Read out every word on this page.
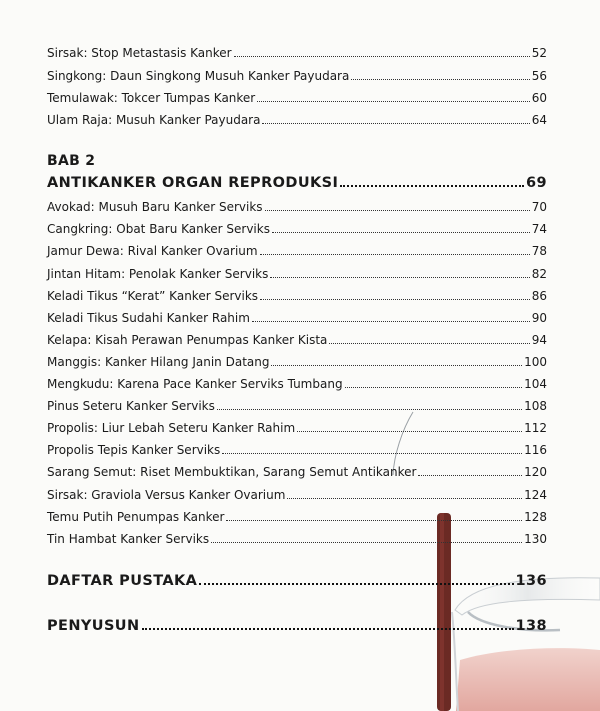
Sirsak: Stop Metastasis Kanker	52
Singkong: Daun Singkong Musuh Kanker Payudara	56
Temulawak: Tokcer Tumpas Kanker	60
Ulam Raja: Musuh Kanker Payudara	64
BAB 2
ANTIKANKER ORGAN REPRODUKSI	69
Avokad: Musuh Baru Kanker Serviks	70
Cangkring: Obat Baru Kanker Serviks	74
Jamur Dewa: Rival Kanker Ovarium	78
Jintan Hitam: Penolak Kanker Serviks	82
Keladi Tikus “Kerat” Kanker Serviks	86
Keladi Tikus Sudahi Kanker Rahim	90
Kelapa: Kisah Perawan Penumpas Kanker Kista	94
Manggis: Kanker Hilang Janin Datang	100
Mengkudu: Karena Pace Kanker Serviks Tumbang	104
Pinus Seteru Kanker Serviks	108
Propolis: Liur Lebah Seteru Kanker Rahim	112
Propolis Tepis Kanker Serviks	116
Sarang Semut: Riset Membuktikan, Sarang Semut Antikanker	120
Sirsak: Graviola Versus Kanker Ovarium	124
Temu Putih Penumpas Kanker	128
Tin Hambat Kanker Serviks	130
DAFTAR PUSTAKA	136
PENYUSUN	138
